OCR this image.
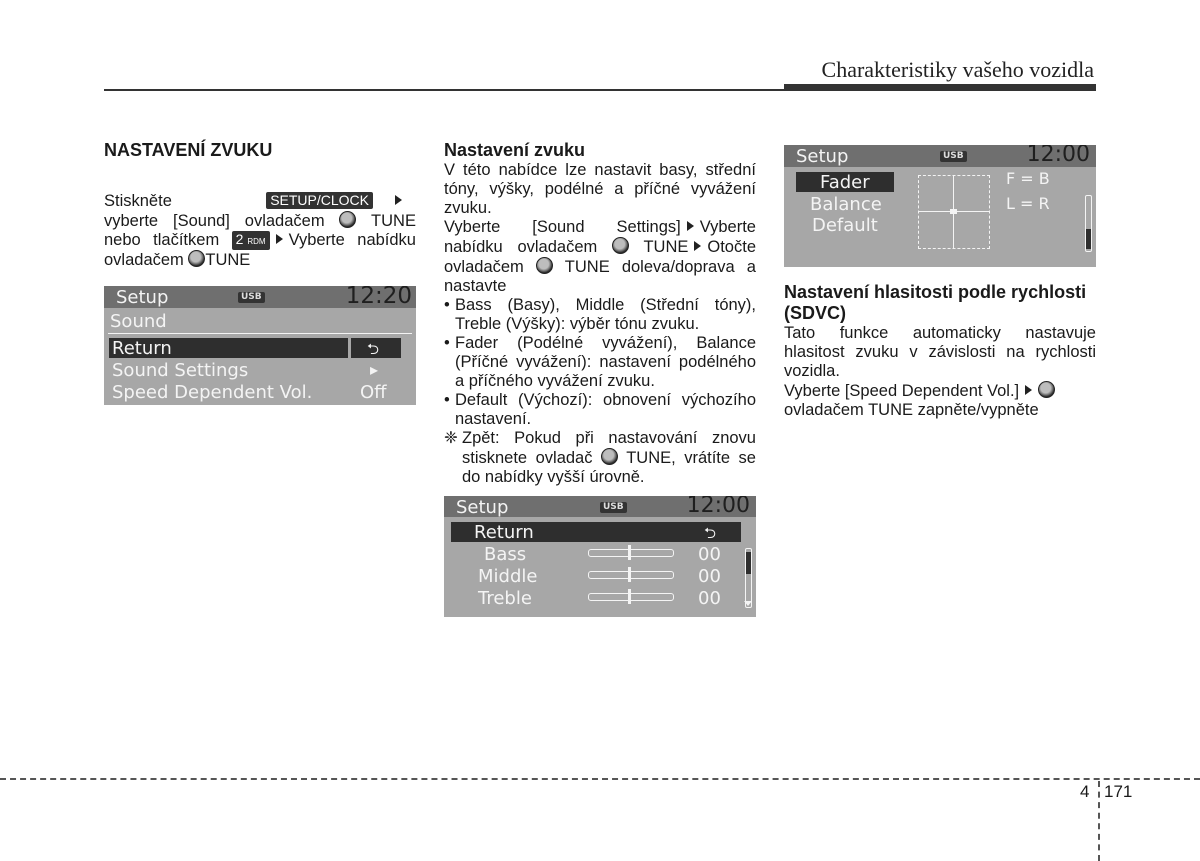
Charakteristiky vašeho vozidla
NASTAVENÍ ZVUKU

Stiskněte	SETUP/CLOCK vyberte [Sound] ovladačem	TUNE nebo tlačítkem 2 RDM Vyberte nabídku ovladačem TUNE

Setup	USB	12:20
Sound
Return	⮌
Sound Settings	▸
Speed Dependent Vol.	Off
Nastavení zvuku

V této nabídce lze nastavit basy, střední tóny, výšky, podélné a příčné vyvážení zvuku.

Vyberte [Sound Settings] Vyberte nabídku ovladačem	TUNE Otočte ovladačem TUNE doleva/doprava a nastavte

• Bass (Basy), Middle (Střední tóny), Treble (Výšky): výběr tónu zvuku.
• Fader (Podélné vyvážení), Balance (Příčné vyvážení): nastavení podélného a příčného vyvážení zvuku.
• Default (Výchozí): obnovení výchozího nastavení.
❈ Zpět: Pokud při nastavování znovu stisknete ovladač TUNE, vrátíte se do nabídky vyšší úrovně.
Setup	USB	12:00
Return	⮌
Bass	00
Middle	00
Treble	00
Setup	USB	12:00
Fader
Balance
Default
F = B
L = R
Nastavení hlasitosti podle rychlosti (SDVC)

Tato funkce automaticky nastavuje hlasitost zvuku v závislosti na rychlosti vozidla.

Vyberte [Speed Dependent Vol.]
ovladačem TUNE zapněte/vypněte

4 171
